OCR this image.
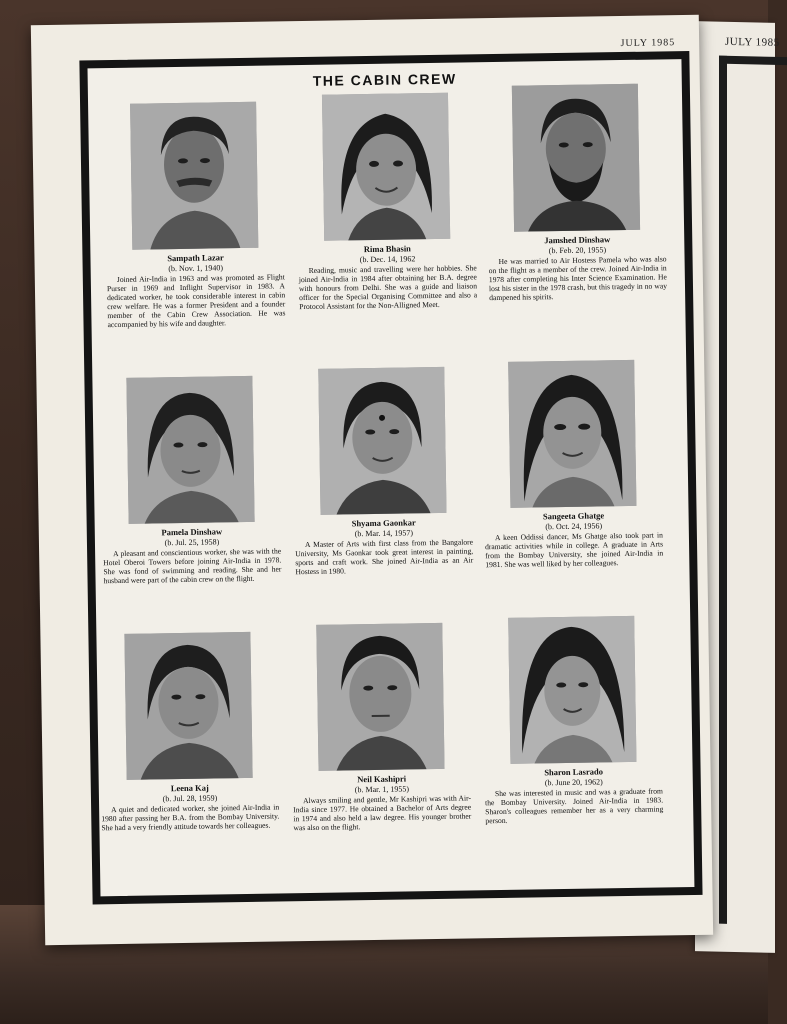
JULY 1985
JULY 1985
THE CABIN CREW
Sampath Lazar
(b. Nov. 1, 1940)
Joined Air-India in 1963 and was promoted as Flight Purser in 1969 and Inflight Supervisor in 1983. A dedicated worker, he took considerable interest in cabin crew welfare. He was a former President and a founder member of the Cabin Crew Association. He was accompanied by his wife and daughter.
Rima Bhasin
(b. Dec. 14, 1962
Reading, music and travelling were her hobbies. She joined Air-India in 1984 after obtaining her B.A. degree with honours from Delhi. She was a guide and liaison officer for the Special Organising Committee and also a Protocol Assistant for the Non-Alligned Meet.
Jamshed Dinshaw
(b. Feb. 20, 1955)
He was married to Air Hostess Pamela who was also on the flight as a member of the crew. Joined Air-India in 1978 after completing his Inter Science Examination. He lost his sister in the 1978 crash, but this tragedy in no way dampened his spirits.
Pamela Dinshaw
(b. Jul. 25, 1958)
A pleasant and conscientious worker, she was with the Hotel Oberoi Towers before joining Air-India in 1978. She was fond of swimming and reading. She and her husband were part of the cabin crew on the flight.
Shyama Gaonkar
(b. Mar. 14, 1957)
A Master of Arts with first class from the Bangalore University, Ms Gaonkar took great interest in painting, sports and craft work. She joined Air-India as an Air Hostess in 1980.
Sangeeta Ghatge
(b. Oct. 24, 1956)
A keen Oddissi dancer, Ms Ghatge also took part in dramatic activities while in college. A graduate in Arts from the Bombay University, she joined Air-India in 1981. She was well liked by her colleagues.
Leena Kaj
(b. Jul. 28, 1959)
A quiet and dedicated worker, she joined Air-India in 1980 after passing her B.A. from the Bombay University. She had a very friendly attitude towards her colleagues.
Neil Kashipri
(b. Mar. 1, 1955)
Always smiling and gentle, Mr Kashipri was with Air-India since 1977. He obtained a Bachelor of Arts degree in 1974 and also held a law degree. His younger brother was also on the flight.
Sharon Lasrado
(b. June 20, 1962)
She was interested in music and was a graduate from the Bombay University. Joined Air-India in 1983. Sharon's colleagues remember her as a very charming person.
